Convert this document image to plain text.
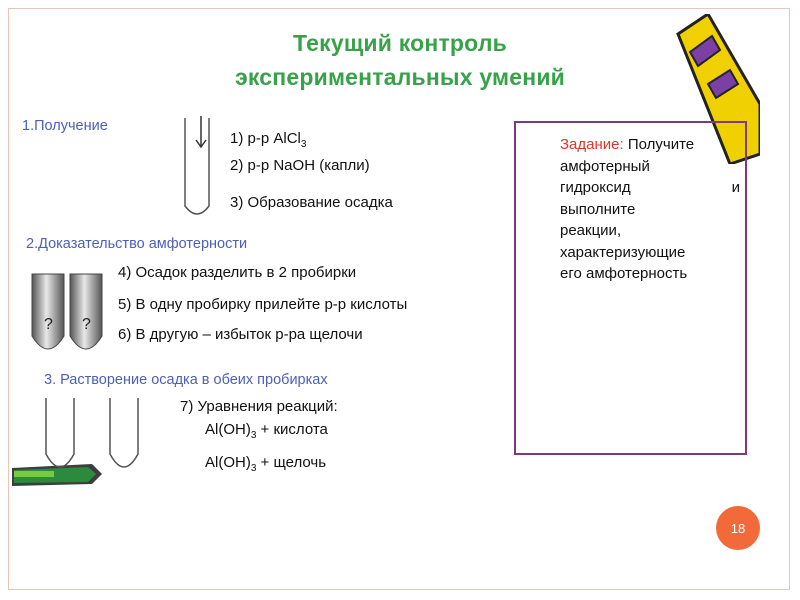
Текущий контроль
экспериментальных умений
1.Получение
1) р-р AlCl$_3$
2) р-р NaOH (капли)
3) Образование осадка
2.Доказательство амфотерности
? ?
4) Осадок разделить в 2 пробирки
5) В одну пробирку прилейте р-р кислоты
6) В другую – избыток р-ра щелочи
3. Растворение осадка в обеих пробирках
7) Уравнения реакций:
$Al(OH)_3$ + кислота
$Al(OH)_3$ + щелочь
Задание: Получите
амфотерный
гидроксид	и
выполните
реакции,
характеризующие
его амфотерность
18
